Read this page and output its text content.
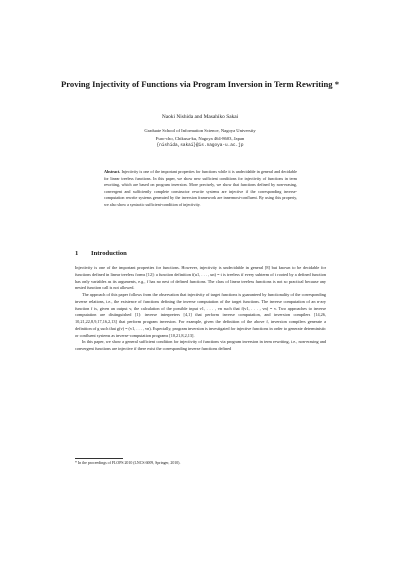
Proving Injectivity of Functions via Program Inversion in Term Rewriting *
Naoki Nishida and Masahiko Sakai
Graduate School of Information Science, Nagoya University
Furo-cho, Chikusa-ku, Nagoya 464-8603, Japan
{nishida,sakai}@is.nagoya-u.ac.jp
Abstract. Injectivity is one of the important properties for functions while it is undecidable in general and decidable for linear treeless functions. In this paper, we show new sufficient conditions for injectivity of functions in term rewriting, which are based on program inversion. More precisely, we show that functions defined by non-erasing, convergent and sufficiently complete constructor rewrite systems are injective if the corresponding inverse-computation rewrite systems generated by the inversion framework are innermost-confluent. By using this property, we also show a syntactic sufficient-condition of injectivity.
1 Introduction

Injectivity is one of the important properties for functions. However, injectivity is undecidable in general [8] but known to be decidable for functions defined in linear treeless forms [12]: a function definition f(u1, . . . , un) = t is treeless if every subterm of t rooted by a defined function has only variables as its arguments, e.g., f has no nest of defined functions. The class of linear treeless functions is not so practical because any nested function call is not allowed.

The approach of this paper follows from the observation that injectivity of target functions is guaranteed by functionality of the corresponding inverse relations, i.e., the existence of functions defining the inverse computation of the target functions. The inverse computation of an n-ary function f is, given an output v, the calculation of the possible input v1, . . . , vn such that f(v1, . . . , vn) = v. Two approaches to inverse computation are distinguished [1]: inverse interpreters [4,1] that perform inverse computation, and inversion compilers [14,26, 10,21,22,8,9,17,16,2,13] that perform program inversion. For example, given the definition of the above f, inversion compilers generate a definition of g such that g(v) = (v1, . . . , vn). Especially, program inversion is investigated for injective functions in order to generate deterministic or confluent systems as inverse-computation programs [10,21,8,2,13].

In this paper, we show a general sufficient condition for injectivity of functions via program inversion in term rewriting, i.e., non-erasing and convergent functions are injective if there exist the corresponding inverse functions defined

* In the proceedings of FLOPS 2010 (LNCS 6009, Springer, 2010).
